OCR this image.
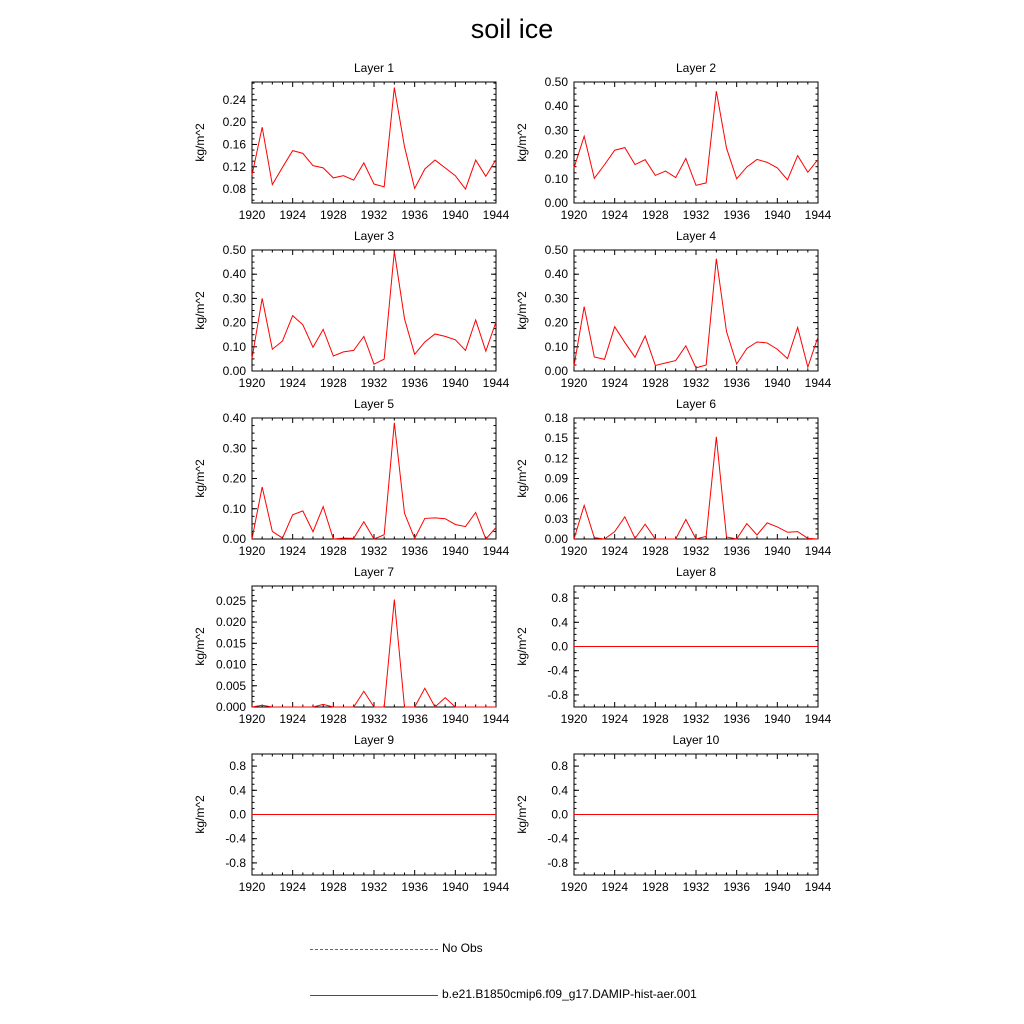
soil ice
Layer 1
kg/m^2
1920 1924 1928 1932 1936 1940 1944
0.08
0.12
0.16
0.20
0.24
Layer 2
kg/m^2
1920 1924 1928 1932 1936 1940 1944
0.00
0.10
0.20
0.30
0.40
0.50
Layer 3
kg/m^2
1920 1924 1928 1932 1936 1940 1944
0.00
0.10
0.20
0.30
0.40
0.50
Layer 4
kg/m^2
1920 1924 1928 1932 1936 1940 1944
0.00
0.10
0.20
0.30
0.40
0.50
Layer 5
kg/m^2
1920 1924 1928 1932 1936 1940 1944
0.00
0.10
0.20
0.30
0.40
Layer 6
kg/m^2
1920 1924 1928 1932 1936 1940 1944
0.00
0.03
0.06
0.09
0.12
0.15
0.18
Layer 7
kg/m^2
1920 1924 1928 1932 1936 1940 1944
0.000
0.005
0.010
0.015
0.020
0.025
Layer 8
kg/m^2
1920 1924 1928 1932 1936 1940 1944
-0.8
-0.4
0.0
0.4
0.8
Layer 9
kg/m^2
1920 1924 1928 1932 1936 1940 1944
-0.8
-0.4
0.0
0.4
0.8
Layer 10
kg/m^2
1920 1924 1928 1932 1936 1940 1944
-0.8
-0.4
0.0
0.4
0.8
No Obs
b.e21.B1850cmip6.f09_g17.DAMIP-hist-aer.001
